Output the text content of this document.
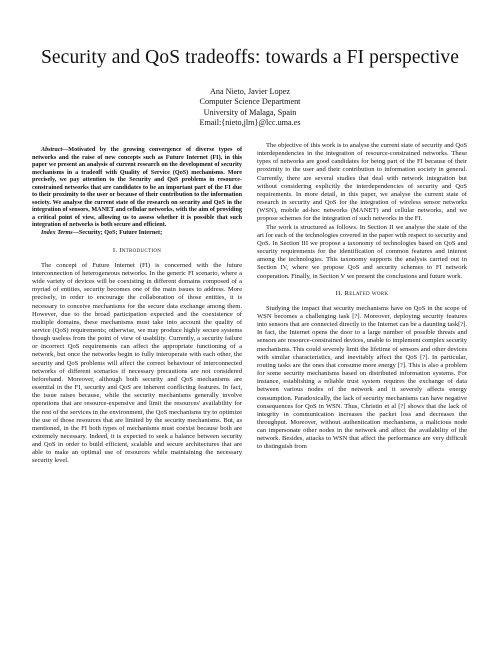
Security and QoS tradeoffs: towards a FI perspective
Ana Nieto, Javier Lopez
Computer Science Department
University of Malaga, Spain
Email:{nieto,jlm}@lcc.uma.es

Abstract—Motivated by the growing convergence of diverse types of networks and the raise of new concepts such as Future Internet (FI), in this paper we present an analysis of current research on the development of security mechanisms in a tradeoff with Quality of Service (QoS) mechanisms. More precisely, we pay attention to the Security and QoS problems in resource-constrained networks that are candidates to be an important part of the FI due to their proximity to the user or because of their contribution to the information society. We analyse the current state of the research on security and QoS in the integration of sensors, MANET and cellular networks, with the aim of providing a critical point of view, allowing us to assess whether it is possible that such integration of networks is both secure and efficient.

Index Terms—Security; QoS; Future Internet;

I. Introduction

The concept of Future Internet (FI) is concerned with the future interconnection of heterogeneous networks. In the generic FI scenario, where a wide variety of devices will be coexisting in different domains composed of a myriad of entities, security becomes one of the main issues to address. More precisely, in order to encourage the collaboration of those entities, it is necessary to conceive mechanisms for the secure data exchange among them. However, due to the broad participation expected and the coexistence of multiple domains, these mechanisms must take into account the quality of service (QoS) requirements; otherwise, we may produce highly secure systems though useless from the point of view of usability. Currently, a security failure or incorrect QoS requirements can affect the appropriate functioning of a network, but once the networks begin to fully interoperate with each other, the security and QoS problems will affect the correct behaviour of interconnected networks of different scenarios if necessary precautions are not considered beforehand. Moreover, although both security and QoS mechanisms are essential in the FI, security and QoS are inherent conflicting features. In fact, the issue raises because, while the security mechanisms generally involve operations that are resource-expensive and limit the resources' availability for the rest of the services in the environment, the QoS mechanisms try to optimize the use of those resources that are limited by the security mechanisms. But, as mentioned, in the FI both types of mechanisms must coexist because both are extremely necessary. Indeed, it is expected to seek a balance between security and QoS in order to build efficient, scalable and secure architectures that are able to make an optimal use of resources while maintaining the necessary security level.

The objective of this work is to analyse the current state of security and QoS interdependencies in the integration of resource-constrained networks. These types of networks are good candidates for being part of the FI because of their proximity to the user and their contribution to information society in general. Currently, there are several studies that deal with network integration but without considering explicitly the interdependencies of security and QoS requirements. In more detail, in this paper, we analyse the current state of research in security and QoS for the integration of wireless sensor networks (WSN), mobile ad-hoc networks (MANET) and cellular networks, and we propose schemes for the integration of such networks in the FI.

The work is structured as follows. In Section II we analyse the state of the art for each of the technologies covered in the paper with respect to security and QoS. In Section III we propose a taxonomy of technologies based on QoS and security requirements for the identification of common features and interest among the technologies. This taxonomy supports the analysis carried out in Section IV, where we propose QoS and security schemes to FI network cooperation. Finally, in Section V we present the conclusions and future work.

II. Related work

Studying the impact that security mechanisms have on QoS in the scope of WSN becomes a challenging task [?]. Moreover, deploying security features into sensors that are connected directly to the Internet can be a daunting task[?]. In fact, the Internet opens the door to a large number of possible threats and sensors are resource-constrained devices, unable to implement complex security mechanisms. This could severely limit the lifetime of sensors and other devices with similar characteristics, and inevitably affect the QoS [?]. In particular, routing tasks are the ones that consume more energy [?]. This is also a problem for some security mechanisms based on distributed information systems. For instance, establishing a reliable trust system requires the exchange of data between various nodes of the network and it severely affects energy consumption. Paradoxically, the lack of security mechanisms can have negative consequences for QoS in WSN. Thus, Christin et al [?] shows that the lack of integrity in communication increases the packet loss and decreases the throughput. Moreover, without authentication mechanisms, a malicious node can impersonate other nodes in the network and affect the availability of the network. Besides, attacks to WSN that affect the performance are very difficult to distinguish from
